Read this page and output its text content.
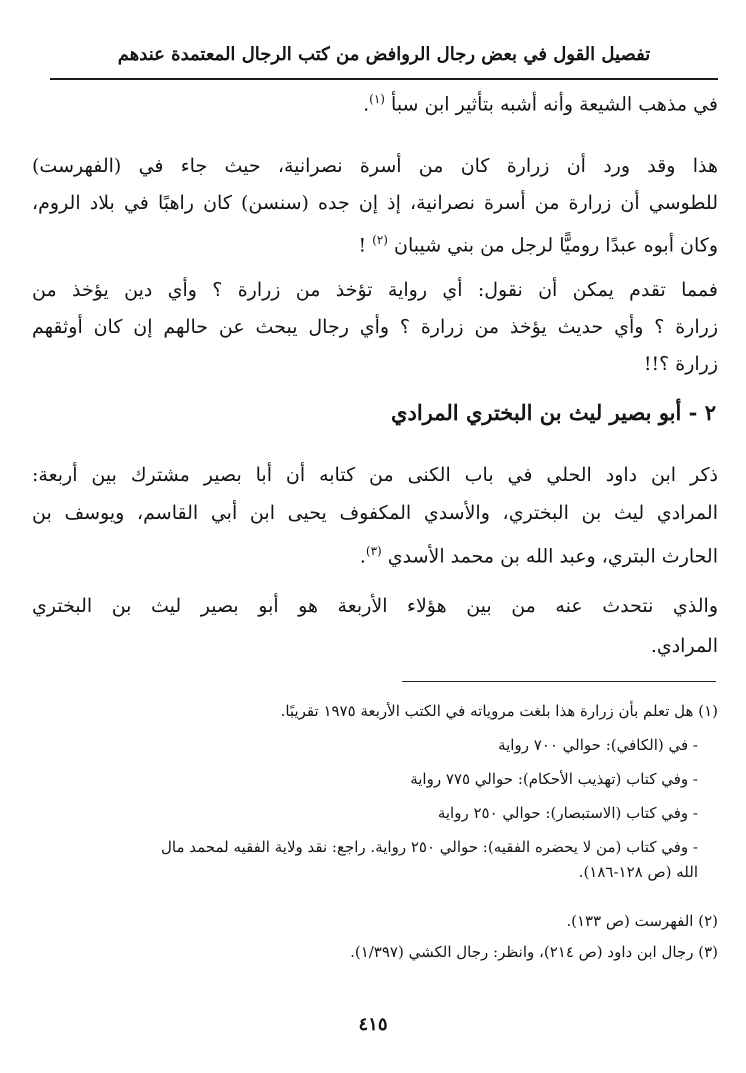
تفصيل القول في بعض رجال الروافض من كتب الرجال المعتمدة عندهم

في مذهب الشيعة وأنه أشبه بتأثير ابن سبأ $^{(١)}$.

هذا وقد ورد أن زرارة كان من أسرة نصرانية، حيث جاء في (الفهرست)

للطوسي أن زرارة من أسرة نصرانية، إذ إن جده (سنسن) كان راهبًا في بلاد الروم،

وكان أبوه عبدًا روميًّا لرجل من بني شيبان $^{(٢)}$ !

فمما تقدم يمكن أن نقول: أي رواية تؤخذ من زرارة ؟ وأي دين يؤخذ من

زرارة ؟ وأي حديث يؤخذ من زرارة ؟ وأي رجال يبحث عن حالهم إن كان أوثقهم

زرارة ؟!!

٢ - أبو بصير ليث بن البختري المرادي

ذكر ابن داود الحلي في باب الكنى من كتابه أن أبا بصير مشترك بين أربعة:

المرادي ليث بن البختري، والأسدي المكفوف يحيى ابن أبي القاسم، ويوسف بن

الحارث البتري، وعبد الله بن محمد الأسدي $^{(٣)}$.

والذي نتحدث عنه من بين هؤلاء الأربعة هو أبو بصير ليث بن البختري

المرادي.

(١) هل تعلم بأن زرارة هذا بلغت مروياته في الكتب الأربعة ١٩٧٥ تقريبًا.
- في (الكافي): حوالي ٧٠٠ رواية
- وفي كتاب (تهذيب الأحكام): حوالي ٧٧٥ رواية
- وفي كتاب (الاستبصار): حوالي ٢٥٠ رواية
- وفي كتاب (من لا يحضره الفقيه): حوالي ٢٥٠ رواية. راجع: نقد ولاية الفقيه لمحمد مال
الله (ص ١٢٨-١٨٦).
(٢) الفهرست (ص ١٣٣).
(٣) رجال ابن داود (ص ٢١٤)، وانظر: رجال الكشي (١/٣٩٧).
٤١٥
